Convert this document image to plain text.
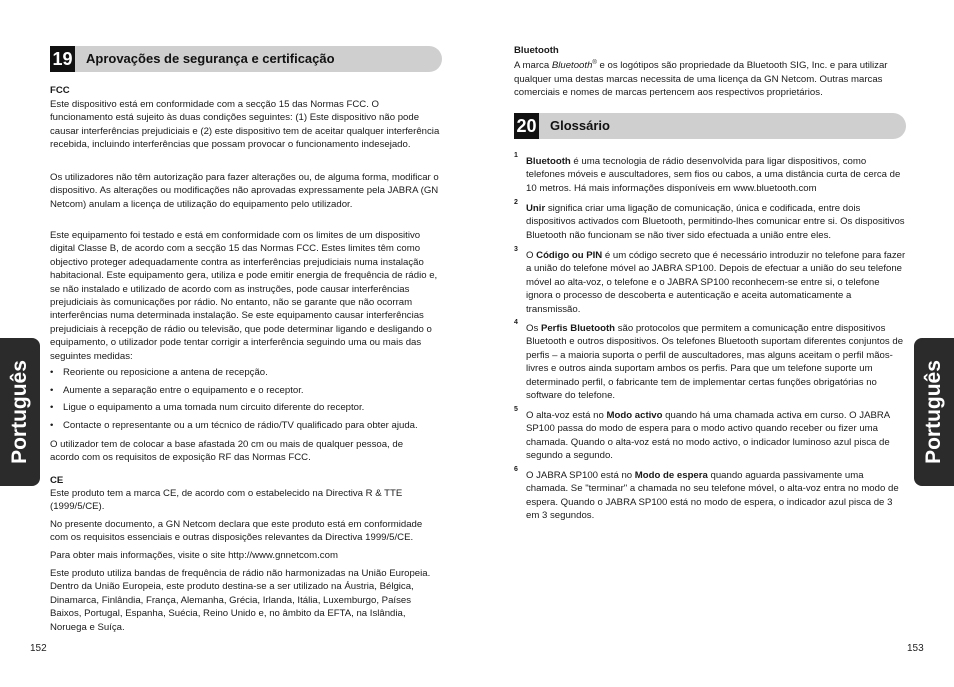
19 Aprovações de segurança e certificação

FCC

Este dispositivo está em conformidade com a secção 15 das Normas FCC. O funcionamento está sujeito às duas condições seguintes: (1) Este dispositivo não pode causar interferências prejudiciais e (2) este dispositivo tem de aceitar qualquer interferência recebida, incluindo interferências que possam provocar o funcionamento indesejado.

Os utilizadores não têm autorização para fazer alterações ou, de alguma forma, modificar o dispositivo. As alterações ou modificações não aprovadas expressamente pela JABRA (GN Netcom) anulam a licença de utilização do equipamento pelo utilizador.

Este equipamento foi testado e está em conformidade com os limites de um dispositivo digital Classe B, de acordo com a secção 15 das Normas FCC. Estes limites têm como objectivo proteger adequadamente contra as interferências prejudiciais numa instalação habitacional. Este equipamento gera, utiliza e pode emitir energia de frequência de rádio e, se não instalado e utilizado de acordo com as instruções, pode causar interferências prejudiciais às comunicações por rádio. No entanto, não se garante que não ocorram interferências numa determinada instalação. Se este equipamento causar interferências prejudiciais à recepção de rádio ou televisão, que pode determinar ligando e desligando o equipamento, o utilizador pode tentar corrigir a interferência seguindo uma ou mais das seguintes medidas:

• Reoriente ou reposicione a antena de recepção.
• Aumente a separação entre o equipamento e o receptor.
• Ligue o equipamento a uma tomada num circuito diferente do receptor.
• Contacte o representante ou a um técnico de rádio/TV qualificado para obter ajuda.

O utilizador tem de colocar a base afastada 20 cm ou mais de qualquer pessoa, de acordo com os requisitos de exposição RF das Normas FCC.

CE

Este produto tem a marca CE, de acordo com o estabelecido na Directiva R & TTE (1999/5/CE).

No presente documento, a GN Netcom declara que este produto está em conformidade com os requisitos essenciais e outras disposições relevantes da Directiva 1999/5/CE.

Para obter mais informações, visite o site http://www.gnnetcom.com

Este produto utiliza bandas de frequência de rádio não harmonizadas na União Europeia. Dentro da União Europeia, este produto destina-se a ser utilizado na Áustria, Bélgica, Dinamarca, Finlândia, França, Alemanha, Grécia, Irlanda, Itália, Luxemburgo, Países Baixos, Portugal, Espanha, Suécia, Reino Unido e, no âmbito da EFTA, na Islândia, Noruega e Suíça.

Português
152

Bluetooth

A marca Bluetooth® e os logótipos são propriedade da Bluetooth SIG, Inc. e para utilizar qualquer uma destas marcas necessita de uma licença da GN Netcom. Outras marcas comerciais e nomes de marcas pertencem aos respectivos proprietários.

20 Glossário
1

Bluetooth é uma tecnologia de rádio desenvolvida para ligar dispositivos, como telefones móveis e auscultadores, sem fios ou cabos, a uma distância curta de cerca de 10 metros. Há mais informações disponíveis em www.bluetooth.com

2

Unir significa criar uma ligação de comunicação, única e codificada, entre dois dispositivos activados com Bluetooth, permitindo-lhes comunicar entre si. Os dispositivos Bluetooth não funcionam se não tiver sido efectuada a união entre eles.

3

O Código ou PIN é um código secreto que é necessário introduzir no telefone para fazer a união do telefone móvel ao JABRA SP100. Depois de efectuar a união do seu telefone móvel ao alta-voz, o telefone e o JABRA SP100 reconhecem-se entre si, o telefone ignora o processo de descoberta e autenticação e aceita automaticamente a transmissão.

4

Os Perfis Bluetooth são protocolos que permitem a comunicação entre dispositivos Bluetooth e outros dispositivos. Os telefones Bluetooth suportam diferentes conjuntos de perfis – a maioria suporta o perfil de auscultadores, mas alguns aceitam o perfil mãos-livres e outros ainda suportam ambos os perfis. Para que um telefone suporte um determinado perfil, o fabricante tem de implementar certas funções obrigatórias no software do telefone.

5

O alta-voz está no Modo activo quando há uma chamada activa em curso. O JABRA SP100 passa do modo de espera para o modo activo quando receber ou fizer uma chamada. Quando o alta-voz está no modo activo, o indicador luminoso azul pisca de segundo a segundo.

6

O JABRA SP100 está no Modo de espera quando aguarda passivamente uma chamada. Se "terminar" a chamada no seu telefone móvel, o alta-voz entra no modo de espera. Quando o JABRA SP100 está no modo de espera, o indicador azul pisca de 3 em 3 segundos.

Português
153
